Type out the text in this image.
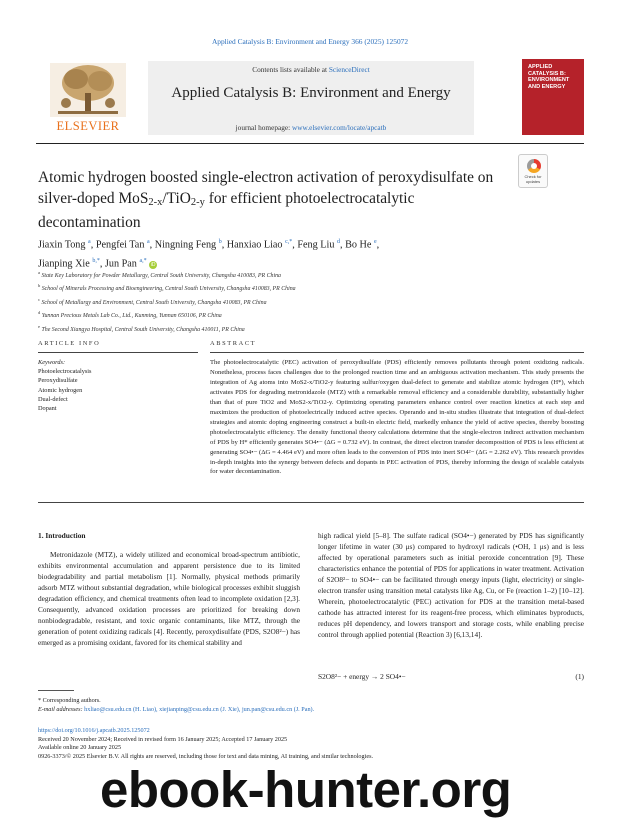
Applied Catalysis B: Environment and Energy 366 (2025) 125072
ELSEVIER
Contents lists available at ScienceDirect
Applied Catalysis B: Environment and Energy
journal homepage: www.elsevier.com/locate/apcatb
APPLIED
CATALYSIS B:
ENVIRONMENT
AND ENERGY
Atomic hydrogen boosted single-electron activation of peroxydisulfate on silver-doped MoS$_{2-x}$/TiO$_{2-y}$ for efficient photoelectrocatalytic decontamination
Check for
updates
Jiaxin Tong $^a$, Pengfei Tan $^a$, Ningning Feng $^b$, Hanxiao Liao $^{c,*}$, Feng Liu $^d$, Bo He $^e$,
Jianping Xie $^{b,*}$, Jun Pan $^{a,*}$ iD
$^a$ State Key Laboratory for Powder Metallurgy, Central South University, Changsha 410083, PR China
$^b$ School of Minerals Processing and Bioengineering, Central South University, Changsha 410083, PR China
$^c$ School of Metallurgy and Environment, Central South University, Changsha 410083, PR China
$^d$ Yunnan Precious Metals Lab Co., Ltd., Kunming, Yunnan 650106, PR China
$^e$ The Second Xiangya Hospital, Central South University, Changsha 410011, PR China
ARTICLE INFO	ABSTRACT
Keywords:
Photoelectrocatalysis
Peroxydisulfate
Atomic hydrogen
Dual-defect
Dopant
The photoelectrocatalytic (PEC) activation of peroxydisulfate (PDS) efficiently removes pollutants through potent oxidizing radicals. Nonetheless, process faces challenges due to the prolonged reaction time and an ambiguous activation mechanism. This study presents the integration of Ag atoms into MoS2-x/TiO2-y featuring sulfur/oxygen dual-defect to generate and stabilize atomic hydrogen (H*), which activates PDS for degrading metronidazole (MTZ) with a remarkable removal efficiency and a considerable durability, substantially higher than that of pure TiO2 and MoS2-x/TiO2-y. Optimizing operating parameters enhance control over reaction kinetics at each step and maximizes the production of photoelectrically induced active species. Operando and in-situ studies illustrate that integration of dual-defect strategies and atomic doping engineering construct a built-in electric field, markedly enhance the yield of active species, thereby boosting photoelectrocatalytic efficiency. The density functional theory calculations determine that the single-electron indirect activation mechanism of PDS by H* efficiently generates SO4•− (ΔG = 0.732 eV). In contrast, the direct electron transfer decomposition of PDS is less efficient at generating SO4•− (ΔG = 4.464 eV) and more often leads to the conversion of PDS into inert SO4²− (ΔG = 2.262 eV). This research provides in-depth insights into the synergy between defects and dopants in PEC activation of PDS, thereby informing the design of scalable catalysts for water decontamination.
1. Introduction
Metronidazole (MTZ), a widely utilized and economical broad-spectrum antibiotic, exhibits environmental accumulation and apparent persistence due to its limited biodegradability and partial metabolism [1]. Normally, physical methods primarily adsorb MTZ without substantial degradation, while biological processes exhibit sluggish degradation efficiency, and chemical treatments often lead to incomplete oxidation [2,3]. Consequently, advanced oxidation processes are prioritized for breaking down nonbiodegradable, resistant, and toxic organic contaminants, like MTZ, through the generation of potent oxidizing radicals [4]. Recently, peroxydisulfate (PDS, S2O8²−) has emerged as a promising oxidant, favored for its chemical stability and
high radical yield [5–8]. The sulfate radical (SO4•−) generated by PDS has significantly longer lifetime in water (30 μs) compared to hydroxyl radicals (•OH, 1 μs) and is less affected by operational parameters such as initial peroxide concentration [9]. These characteristics enhance the potential of PDS for applications in water treatment. Activation of S2O8²− to SO4•− can be facilitated through energy inputs (light, electricity) or single-electron transfer using transition metal catalysts like Ag, Cu, or Fe (reaction 1–2) [10–12]. Wherein, photoelectrocatalytic (PEC) activation for PDS at the transition metal-based cathode has attracted interest for its reagent-free process, which eliminates byproducts, reduces pH dependency, and lowers transport and storage costs, while enabling precise control through applied potential (Reaction 3) [6,13,14].
S2O8²− + energy → 2 SO4•−	(1)
* Corresponding authors.
E-mail addresses: hxliao@csu.edu.cn (H. Liao), xiejianping@csu.edu.cn (J. Xie), jun.pan@csu.edu.cn (J. Pan).
https://doi.org/10.1016/j.apcatb.2025.125072
Received 20 November 2024; Received in revised form 16 January 2025; Accepted 17 January 2025
Available online 20 January 2025
0926-3373/© 2025 Elsevier B.V. All rights are reserved, including those for text and data mining, AI training, and similar technologies.
ebook-hunter.org
